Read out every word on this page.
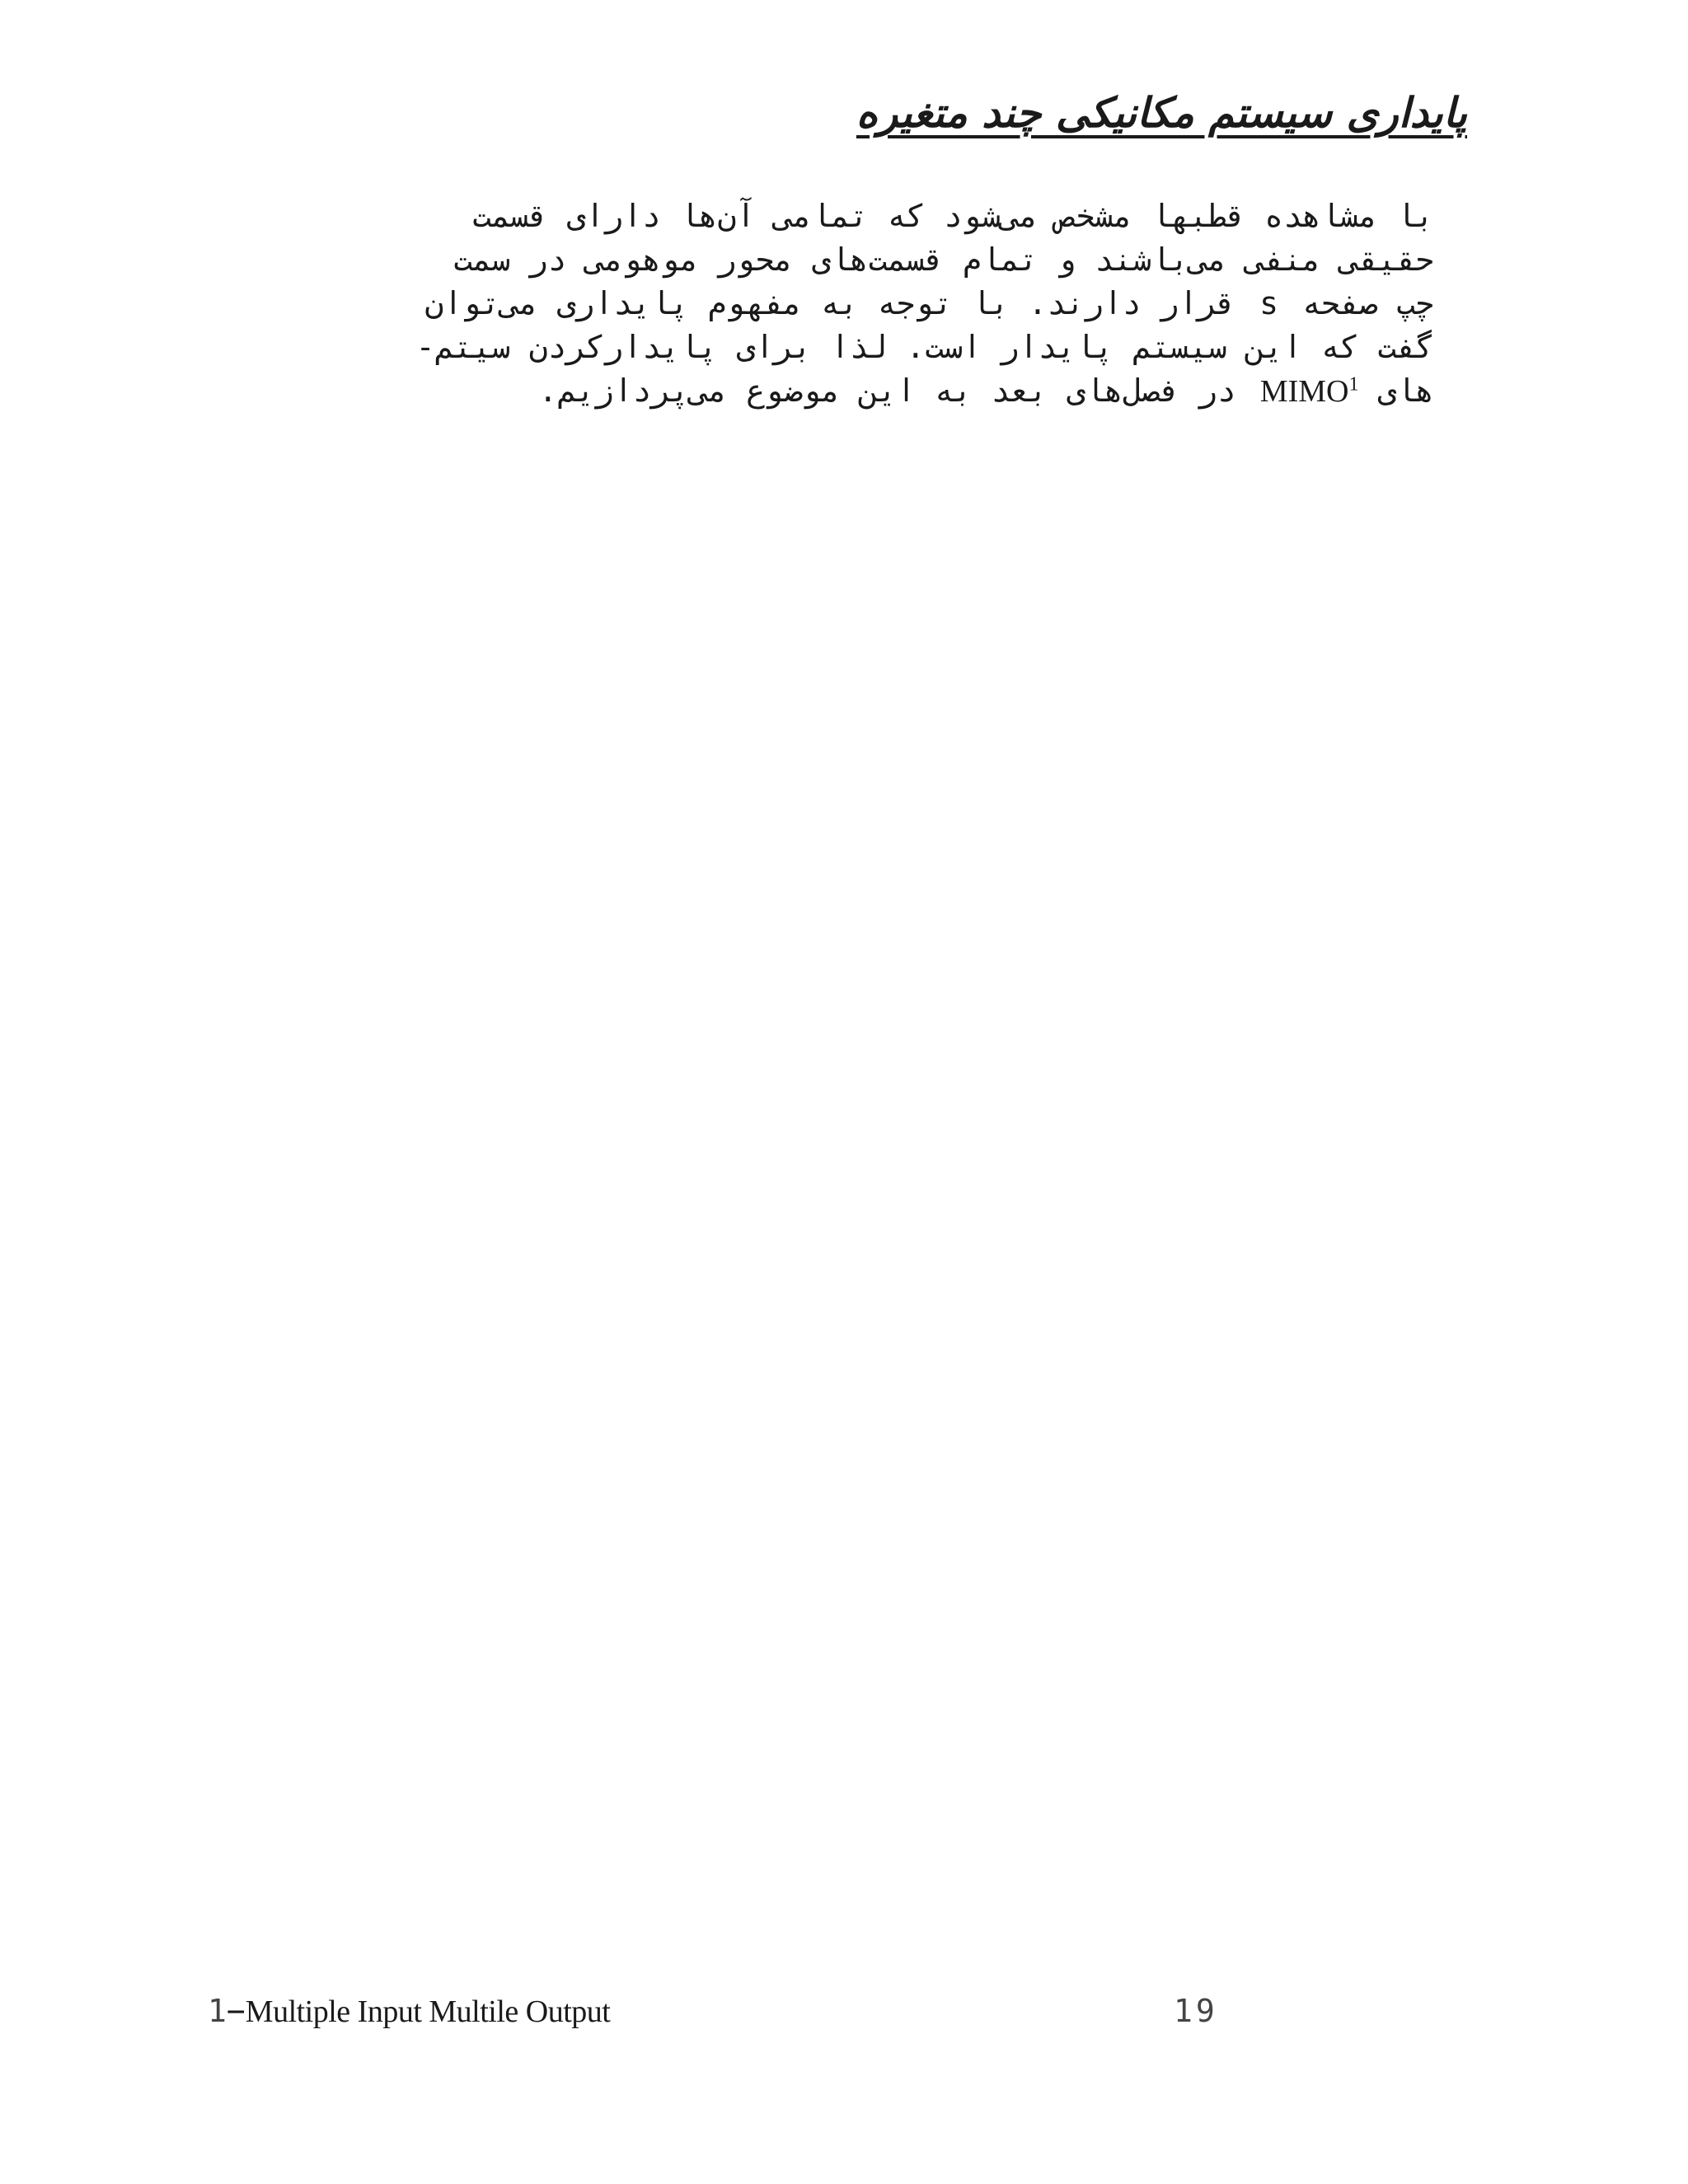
پایداری سیستم مکانیکی چند متغیره
با مشاهده قطبها مشخص می‌شود که تمامی آن‌ها دارای قسمت
حقیقی منفی می‌باشند و تمام قسمت‌های محور موهومی در سمت
چپ صفحه s قرار دارند. با توجه به مفهوم پایداری می‌توان
گفت که این سیستم پایدار است. لذا برای پایدارکردن سیتم-
های MIMO$^1$ در فصل‌های بعد به این موضوع می‌پردازیم.
1−Multiple Input Multile Output	19
